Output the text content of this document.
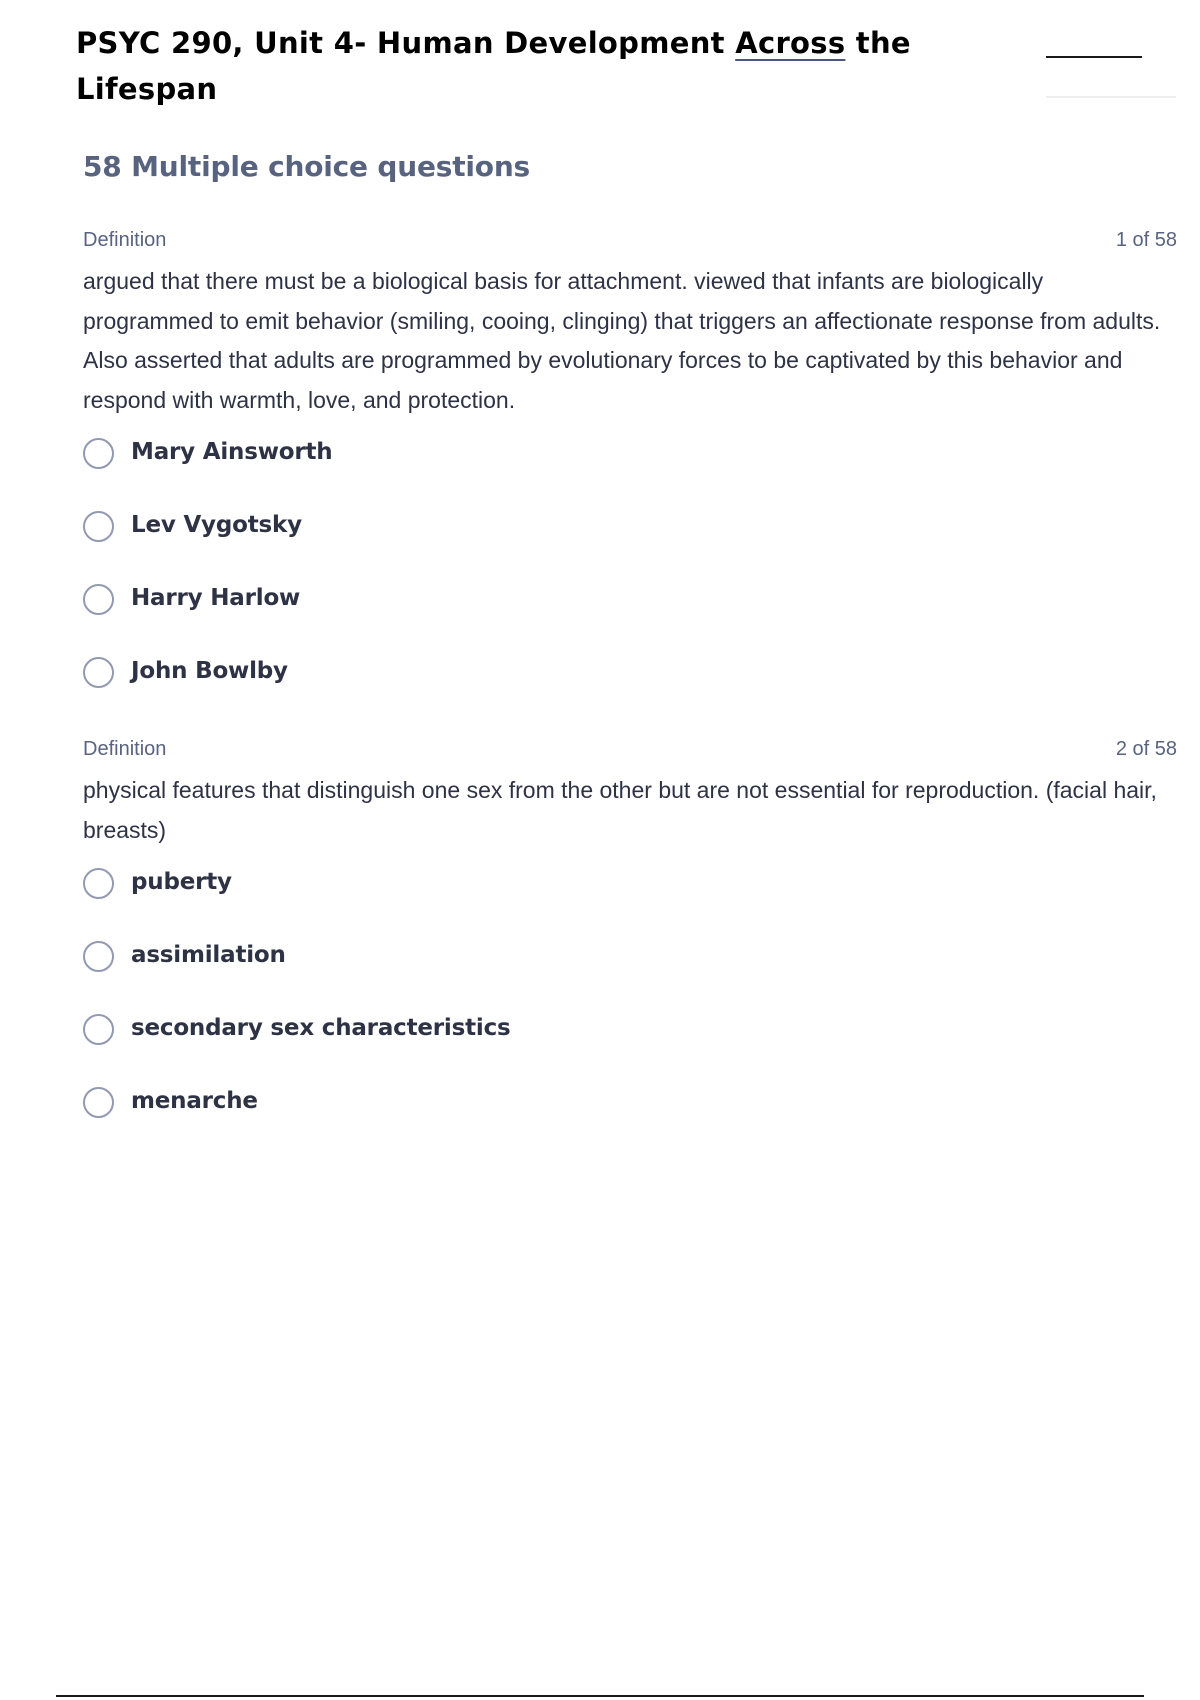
PSYC 290, Unit 4- Human Development Across the Lifespan
58 Multiple choice questions
Definition	1 of 58
argued that there must be a biological basis for attachment. viewed that infants are biologically programmed to emit behavior (smiling, cooing, clinging) that triggers an affectionate response from adults. Also asserted that adults are programmed by evolutionary forces to be captivated by this behavior and respond with warmth, love, and protection.
Mary Ainsworth
Lev Vygotsky
Harry Harlow
John Bowlby
Definition	2 of 58
physical features that distinguish one sex from the other but are not essential for reproduction. (facial hair, breasts)
puberty
assimilation
secondary sex characteristics
menarche
